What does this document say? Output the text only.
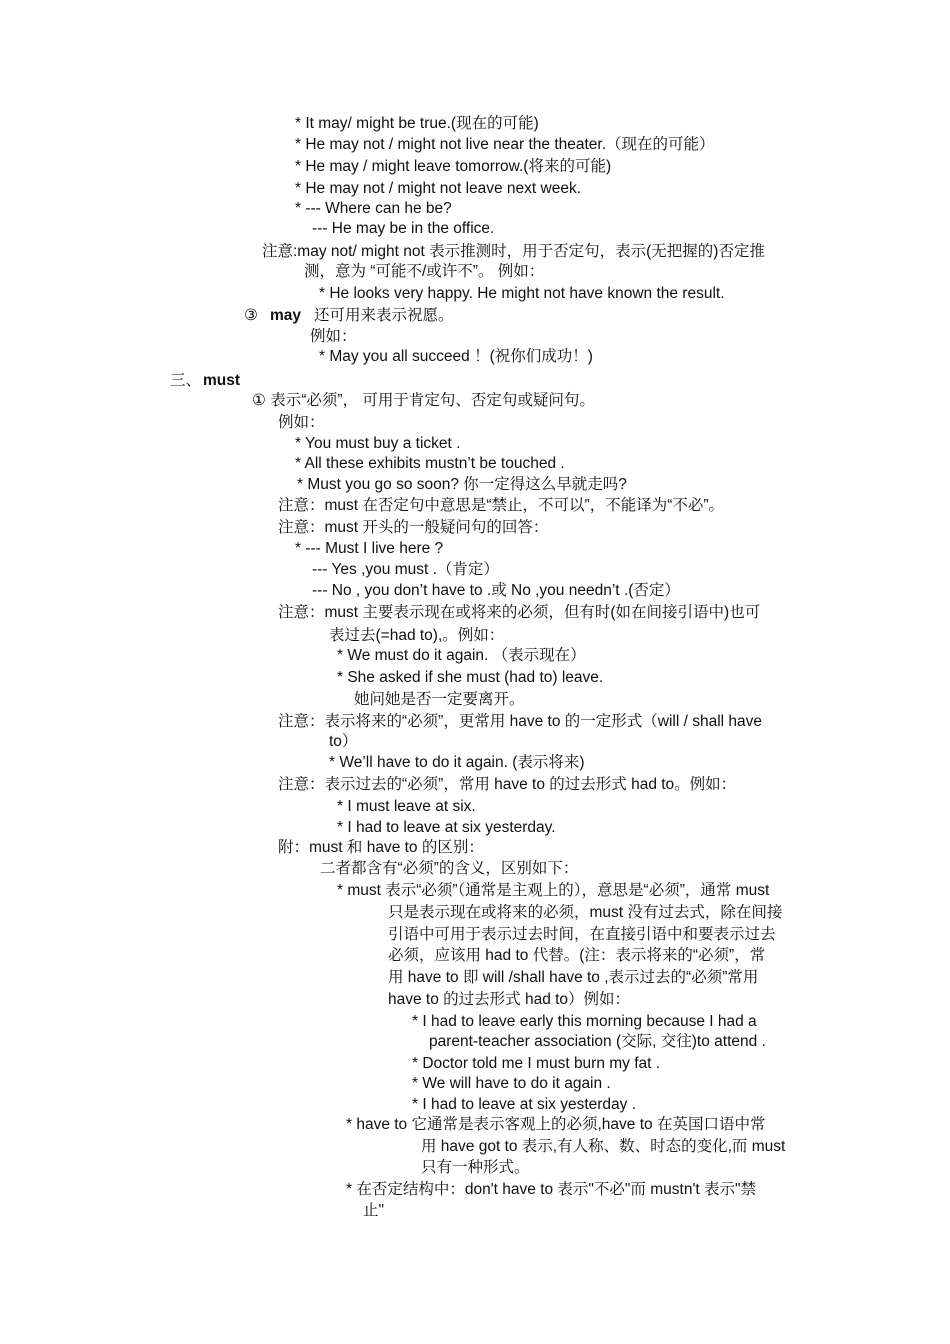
* It may/ might be true.(现在的可能)
* He may not / might not live near the theater.（现在的可能）
* He may / might leave tomorrow.(将来的可能)
* He may not / might not leave next week.
* --- Where can he be?
--- He may be in the office.
注意:may not/ might not 表示推测时，用于否定句，表示(无把握的)否定推
测，意为 “可能不/或许不”。 例如：
* He looks very happy. He might not have known the result.
③ may 还可用来表示祝愿。
例如：
* May you all succeed ！(祝你们成功！)
三、 must
① 表示“必须”， 可用于肯定句、否定句或疑问句。
例如：
* You must buy a ticket .
* All these exhibits mustn’t be touched .
* Must you go so soon? 你一定得这么早就走吗?
注意：must 在否定句中意思是“禁止，不可以”，不能译为“不必”。
注意：must 开头的一般疑问句的回答：
* --- Must I live here ?
--- Yes ,you must .（肯定）
--- No , you don’t have to .或 No ,you needn’t .(否定）
注意：must 主要表示现在或将来的必须，但有时(如在间接引语中)也可
表过去(=had to),。例如：
* We must do it again. （表示现在）
* She asked if she must (had to) leave.
她问她是否一定要离开。
注意：表示将来的“必须”，更常用 have to 的一定形式（will / shall have
to）
* We’ll have to do it again. (表示将来)
注意：表示过去的“必须”，常用 have to 的过去形式 had to。例如：
* I must leave at six.
* I had to leave at six yesterday.
附：must 和 have to 的区别：
二者都含有“必须”的含义，区别如下：
* must 表示“必须”（通常是主观上的），意思是“必须”，通常 must
只是表示现在或将来的必须，must 没有过去式，除在间接
引语中可用于表示过去时间，在直接引语中和要表示过去
必须，应该用 had to 代替。(注：表示将来的“必须”，常
用 have to 即 will /shall have to ,表示过去的“必须”常用
have to 的过去形式 had to）例如：
* I had to leave early this morning because I had a
parent-teacher association (交际, 交往)to attend .
* Doctor told me I must burn my fat .
* We will have to do it again .
* I had to leave at six yesterday .
* have to 它通常是表示客观上的必须,have to 在英国口语中常
用 have got to 表示,有人称、数、时态的变化,而 must
只有一种形式。
* 在否定结构中：don't have to 表示"不必"而 mustn't 表示"禁
止"
